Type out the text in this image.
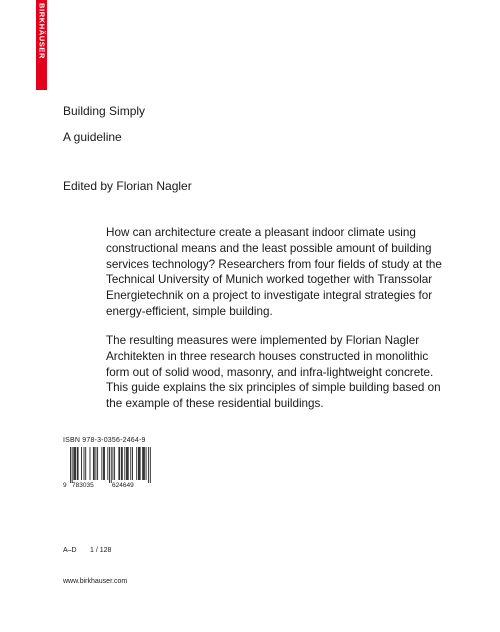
BIRKHÄUSER

Building Simply

A guideline

Edited by Florian Nagler

How can architecture create a pleasant indoor climate using constructional means and the least possible amount of building services technology? Researchers from four fields of study at the Technical University of Munich worked together with Transsolar Energietechnik on a project to investigate integral strategies for energy-efficient, simple building.

The resulting measures were implemented by Florian Nagler Architekten in three research houses constructed in monolithic form out of solid wood, masonry, and infra-lightweight concrete. This guide explains the six principles of simple building based on the example of these residential buildings.

ISBN 978-3-0356-2464-9

9 783035	624649

A–D 1 / 128

www.birkhauser.com
